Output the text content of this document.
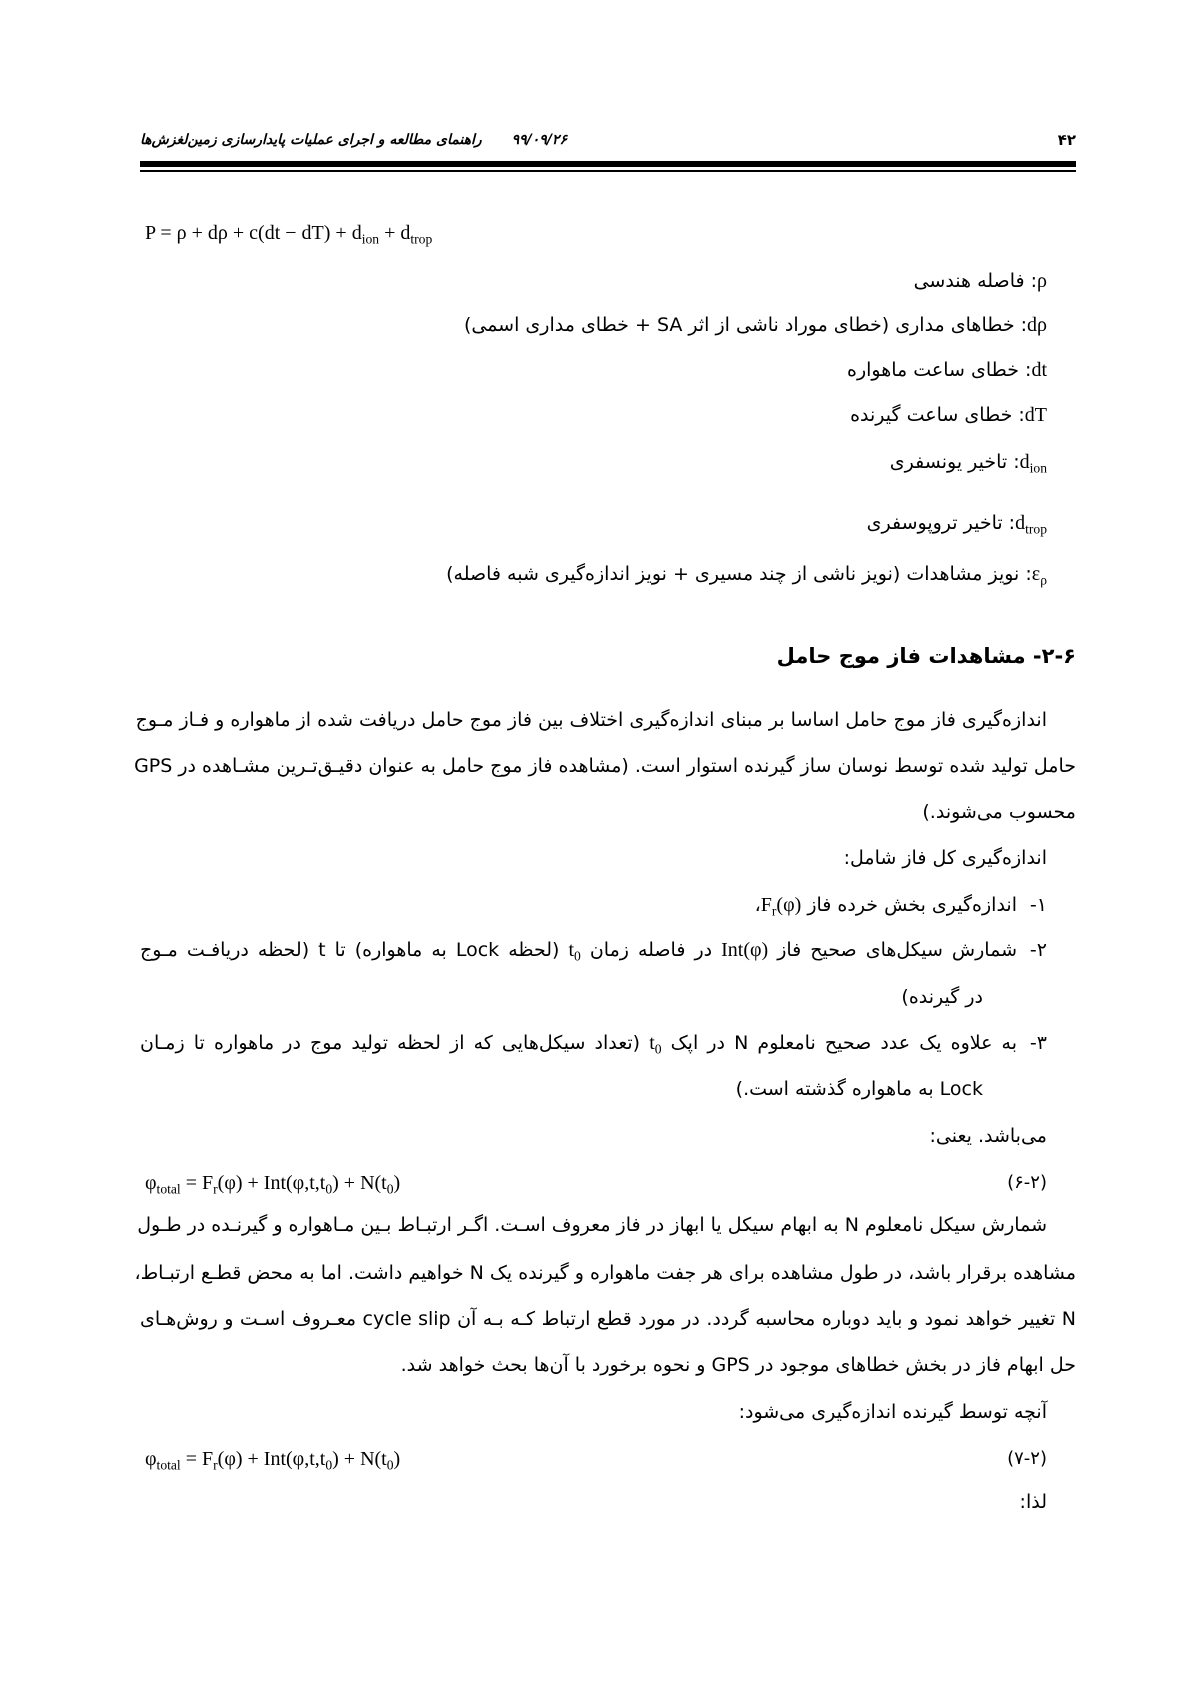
۹۹/۰۹/۲۶
راهنمای مطالعه و اجرای عملیات پایدارسازی زمین‌لغزش‌ها	۴۲
$P = \rho + d\rho + c(dt - dT) + d_{ion} + d_{trop}$
ρ: فاصله هندسی
dρ: خطاهای مداری (خطای موراد ناشی از اثر SA + خطای مداری اسمی)
dt: خطای ساعت ماهواره
dT: خطای ساعت گیرنده
$d_{ion}$: تاخیر یونسفری
$d_{trop}$: تاخیر تروپوسفری
$\varepsilon_\rho$: نویز مشاهدات (نویز ناشی از چند مسیری + نویز اندازه‌گیری شبه فاصله)
۲-۶- مشاهدات فاز موج حامل
اندازه‌گیری فاز موج حامل اساسا بر مبنای اندازه‌گیری اختلاف بین فاز موج حامل دریافت شده از ماهواره و فـاز مـوج
حامل تولید شده توسط نوسان ساز گیرنده استوار است. (مشاهده فاز موج حامل به عنوان دقیـق‌تـرین مشـاهده در GPS
محسوب می‌شوند.)
اندازه‌گیری کل فاز شامل:
۱-
اندازه‌گیری بخش خرده فاز $F_r(\varphi)،$
۲-
شمارش سیکل‌های صحیح فاز Int(φ) در فاصله زمان $t_0$ (لحظه Lock به ماهواره) تا t (لحظه دریافـت مـوج
در گیرنده)
۳-
به علاوه یک عدد صحیح نامعلوم N در اپک $t_0$ (تعداد سیکل‌هایی که از لحظه تولید موج در ماهواره تا زمـان
Lock به ماهواره گذشته است.)
می‌باشد. یعنی:
$\varphi_{total} = F_r(\varphi) + Int(\varphi,t,t_0) + N(t_0)$	(۶-۲)
شمارش سیکل نامعلوم N به ابهام سیکل یا ابهاز در فاز معروف اسـت. اگـر ارتبـاط بـین مـاهواره و گیرنـده در طـول
مشاهده برقرار باشد، در طول مشاهده برای هر جفت ماهواره و گیرنده یک N خواهیم داشت. اما به محض قطـع ارتبـاط،
N تغییر خواهد نمود و باید دوباره محاسبه گردد. در مورد قطع ارتباط کـه بـه آن cycle slip معـروف اسـت و روش‌هـای
حل ابهام فاز در بخش خطاهای موجود در GPS و نحوه برخورد با آن‌ها بحث خواهد شد.
آنچه توسط گیرنده اندازه‌گیری می‌شود:
$\varphi_{total} = F_r(\varphi) + Int(\varphi,t,t_0) + N(t_0)$	(۷-۲)
لذا:
